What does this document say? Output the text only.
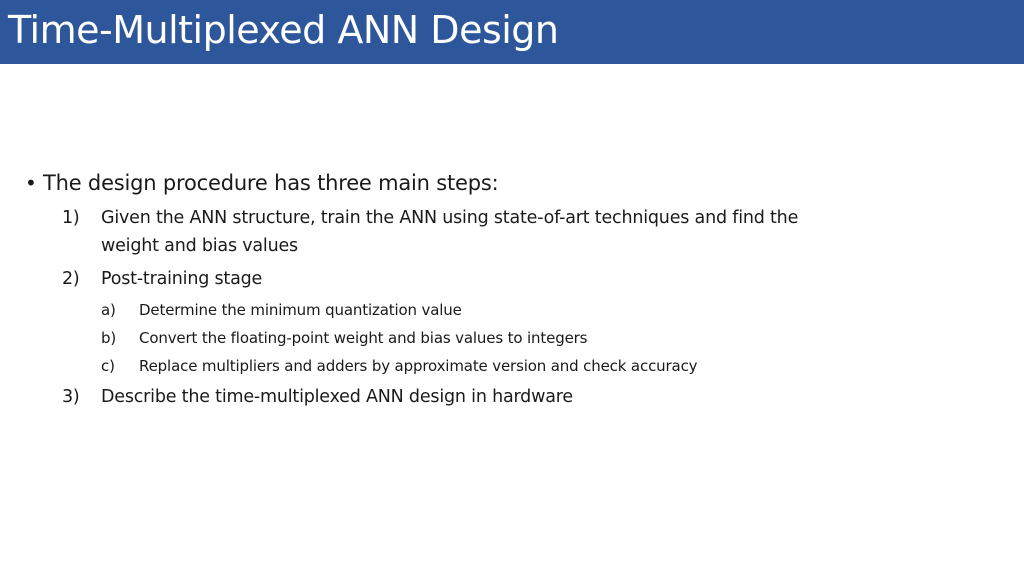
Time-Multiplexed ANN Design
• The design procedure has three main steps:
1) Given the ANN structure, train the ANN using state-of-art techniques and find the
weight and bias values
2) Post-training stage
a) Determine the minimum quantization value
b) Convert the floating-point weight and bias values to integers
c) Replace multipliers and adders by approximate version and check accuracy
3) Describe the time-multiplexed ANN design in hardware
